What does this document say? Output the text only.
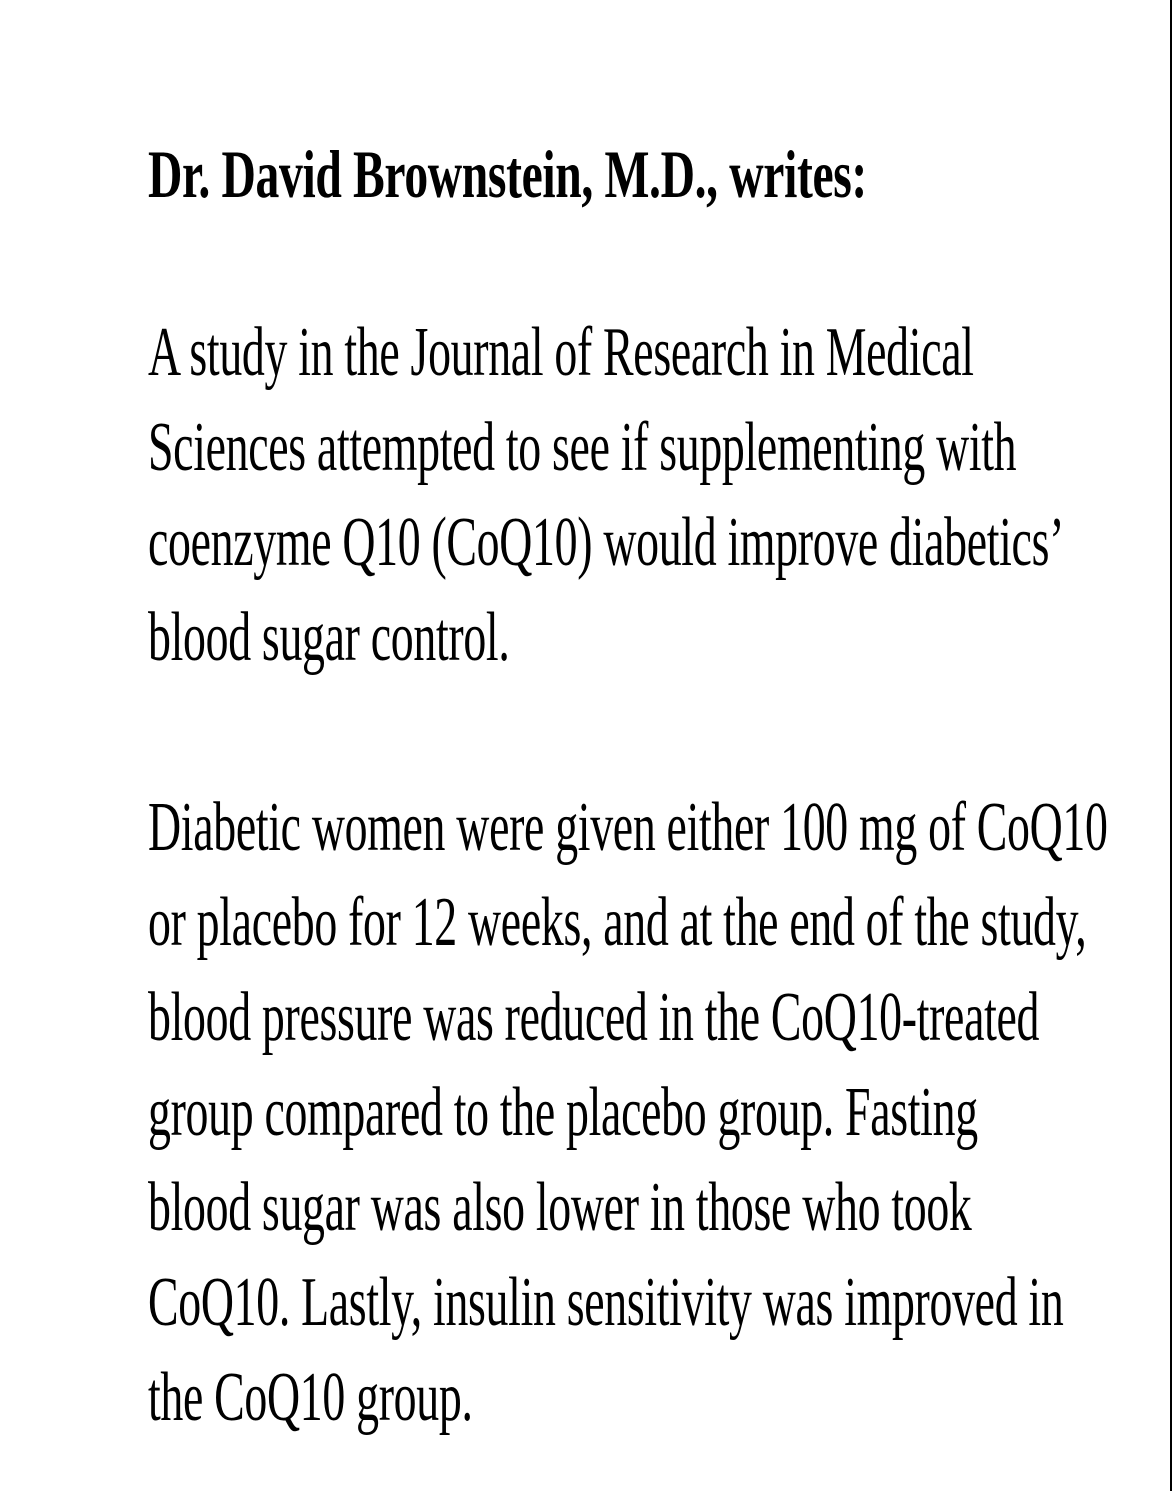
Dr. David Brownstein, M.D., writes:
A study in the Journal of Research in Medical
Sciences attempted to see if supplementing with
coenzyme Q10 (CoQ10) would improve diabetics’
blood sugar control.
Diabetic women were given either 100 mg of CoQ10
or placebo for 12 weeks, and at the end of the study,
blood pressure was reduced in the CoQ10-treated
group compared to the placebo group. Fasting
blood sugar was also lower in those who took
CoQ10. Lastly, insulin sensitivity was improved in
the CoQ10 group.
